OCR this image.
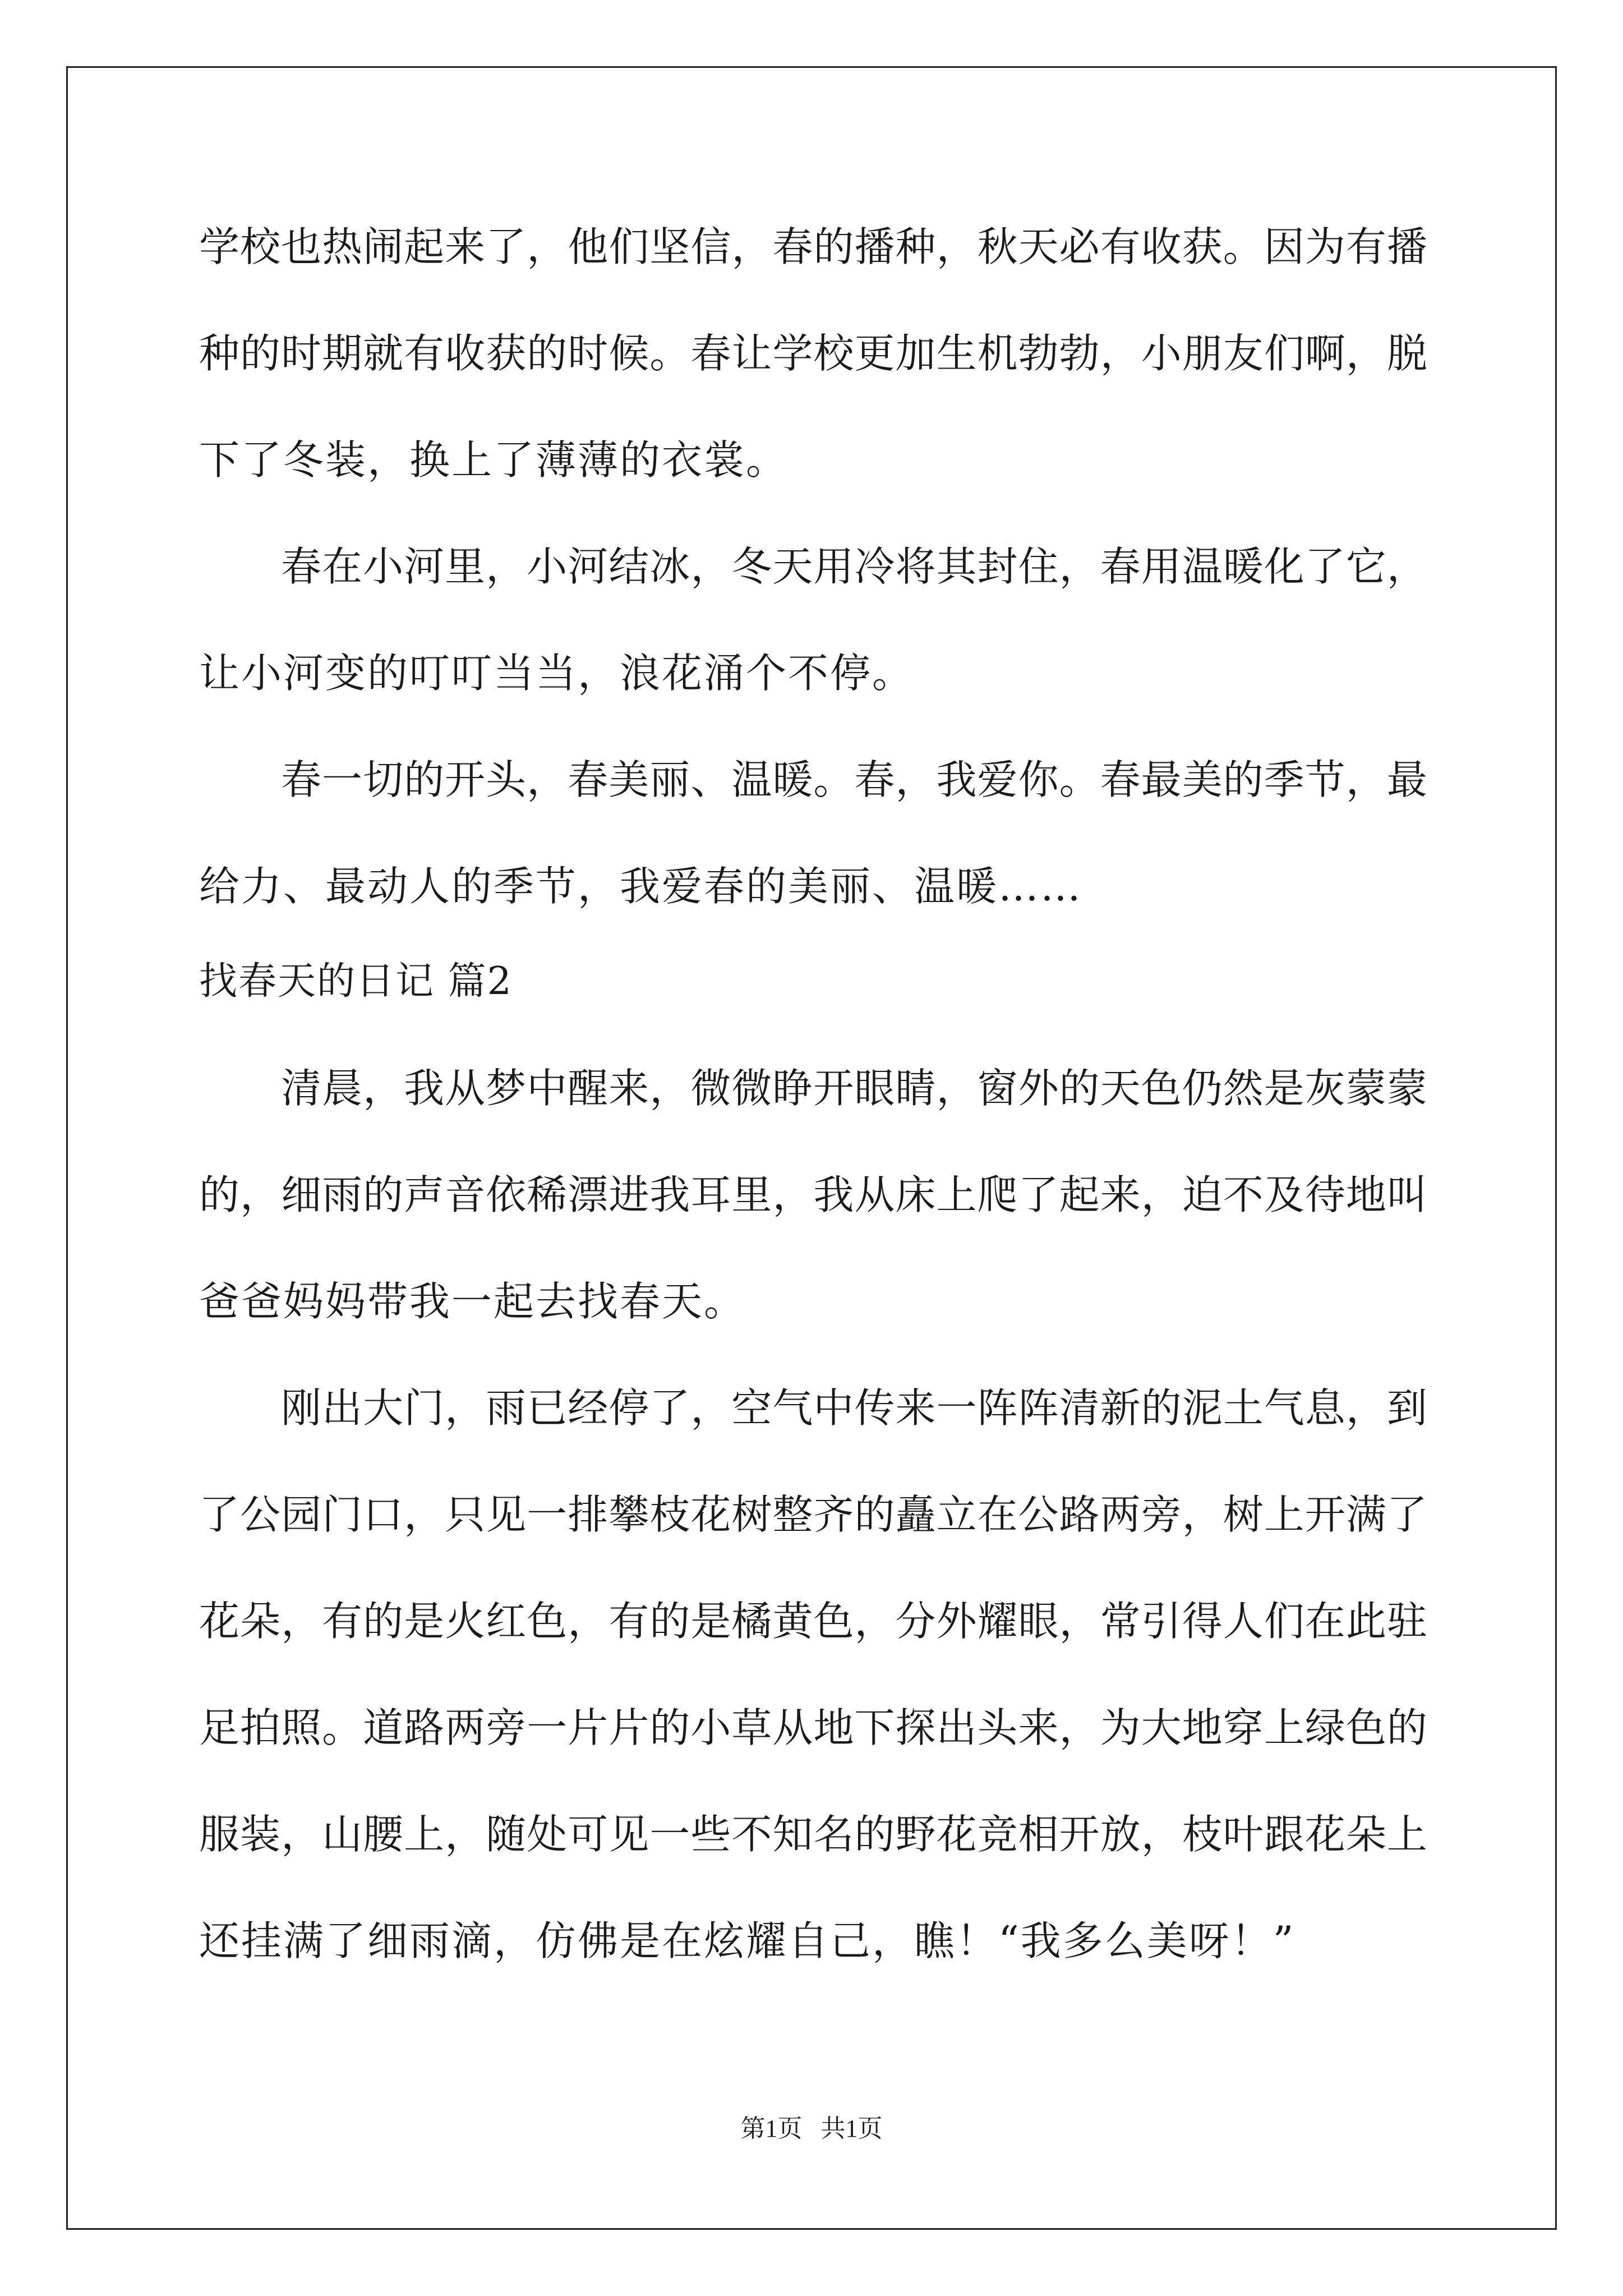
学 校 也 热 闹 起 来 了 ， 他 们 坚 信 ， 春 的 播 种 ， 秋 天 必 有 收 获 。 因 为 有 播
种 的 时 期 就 有 收 获 的 时 候 。 春 让 学 校 更 加 生 机 勃 勃 ， 小 朋 友 们 啊 ， 脱
下了冬装，换上了薄薄的衣裳。
春 在 小 河 里 ， 小 河 结 冰 ， 冬 天 用 冷 将 其 封 住 ， 春 用 温 暖 化 了 它 ，
让小河变的叮叮当当，浪花涌个不停。
春 一 切 的 开 头 ， 春 美 丽 、 温 暖 。 春 ， 我 爱 你 。 春 最 美 的 季 节 ， 最
给力、最动人的季节，我爱春的美丽、温暖……
找春天的日记 篇2
清 晨 ， 我 从 梦 中 醒 来 ， 微 微 睁 开 眼 睛 ， 窗 外 的 天 色 仍 然 是 灰 蒙 蒙
的 ， 细 雨 的 声 音 依 稀 漂 进 我 耳 里 ， 我 从 床 上 爬 了 起 来 ， 迫 不 及 待 地 叫
爸爸妈妈带我一起去找春天。
刚 出 大 门 ， 雨 已 经 停 了 ， 空 气 中 传 来 一 阵 阵 清 新 的 泥 土 气 息 ， 到
了 公 园 门 口 ， 只 见 一 排 攀 枝 花 树 整 齐 的 矗 立 在 公 路 两 旁 ， 树 上 开 满 了
花 朵 ， 有 的 是 火 红 色 ， 有 的 是 橘 黄 色 ， 分 外 耀 眼 ， 常 引 得 人 们 在 此 驻
足 拍 照 。 道 路 两 旁 一 片 片 的 小 草 从 地 下 探 出 头 来 ， 为 大 地 穿 上 绿 色 的
服 装 ， 山 腰 上 ， 随 处 可 见 一 些 不 知 名 的 野 花 竞 相 开 放 ， 枝 叶 跟 花 朵 上
还挂满了细雨滴，仿佛是在炫耀自己，瞧！“我多么美呀！”
第1页   共1页
